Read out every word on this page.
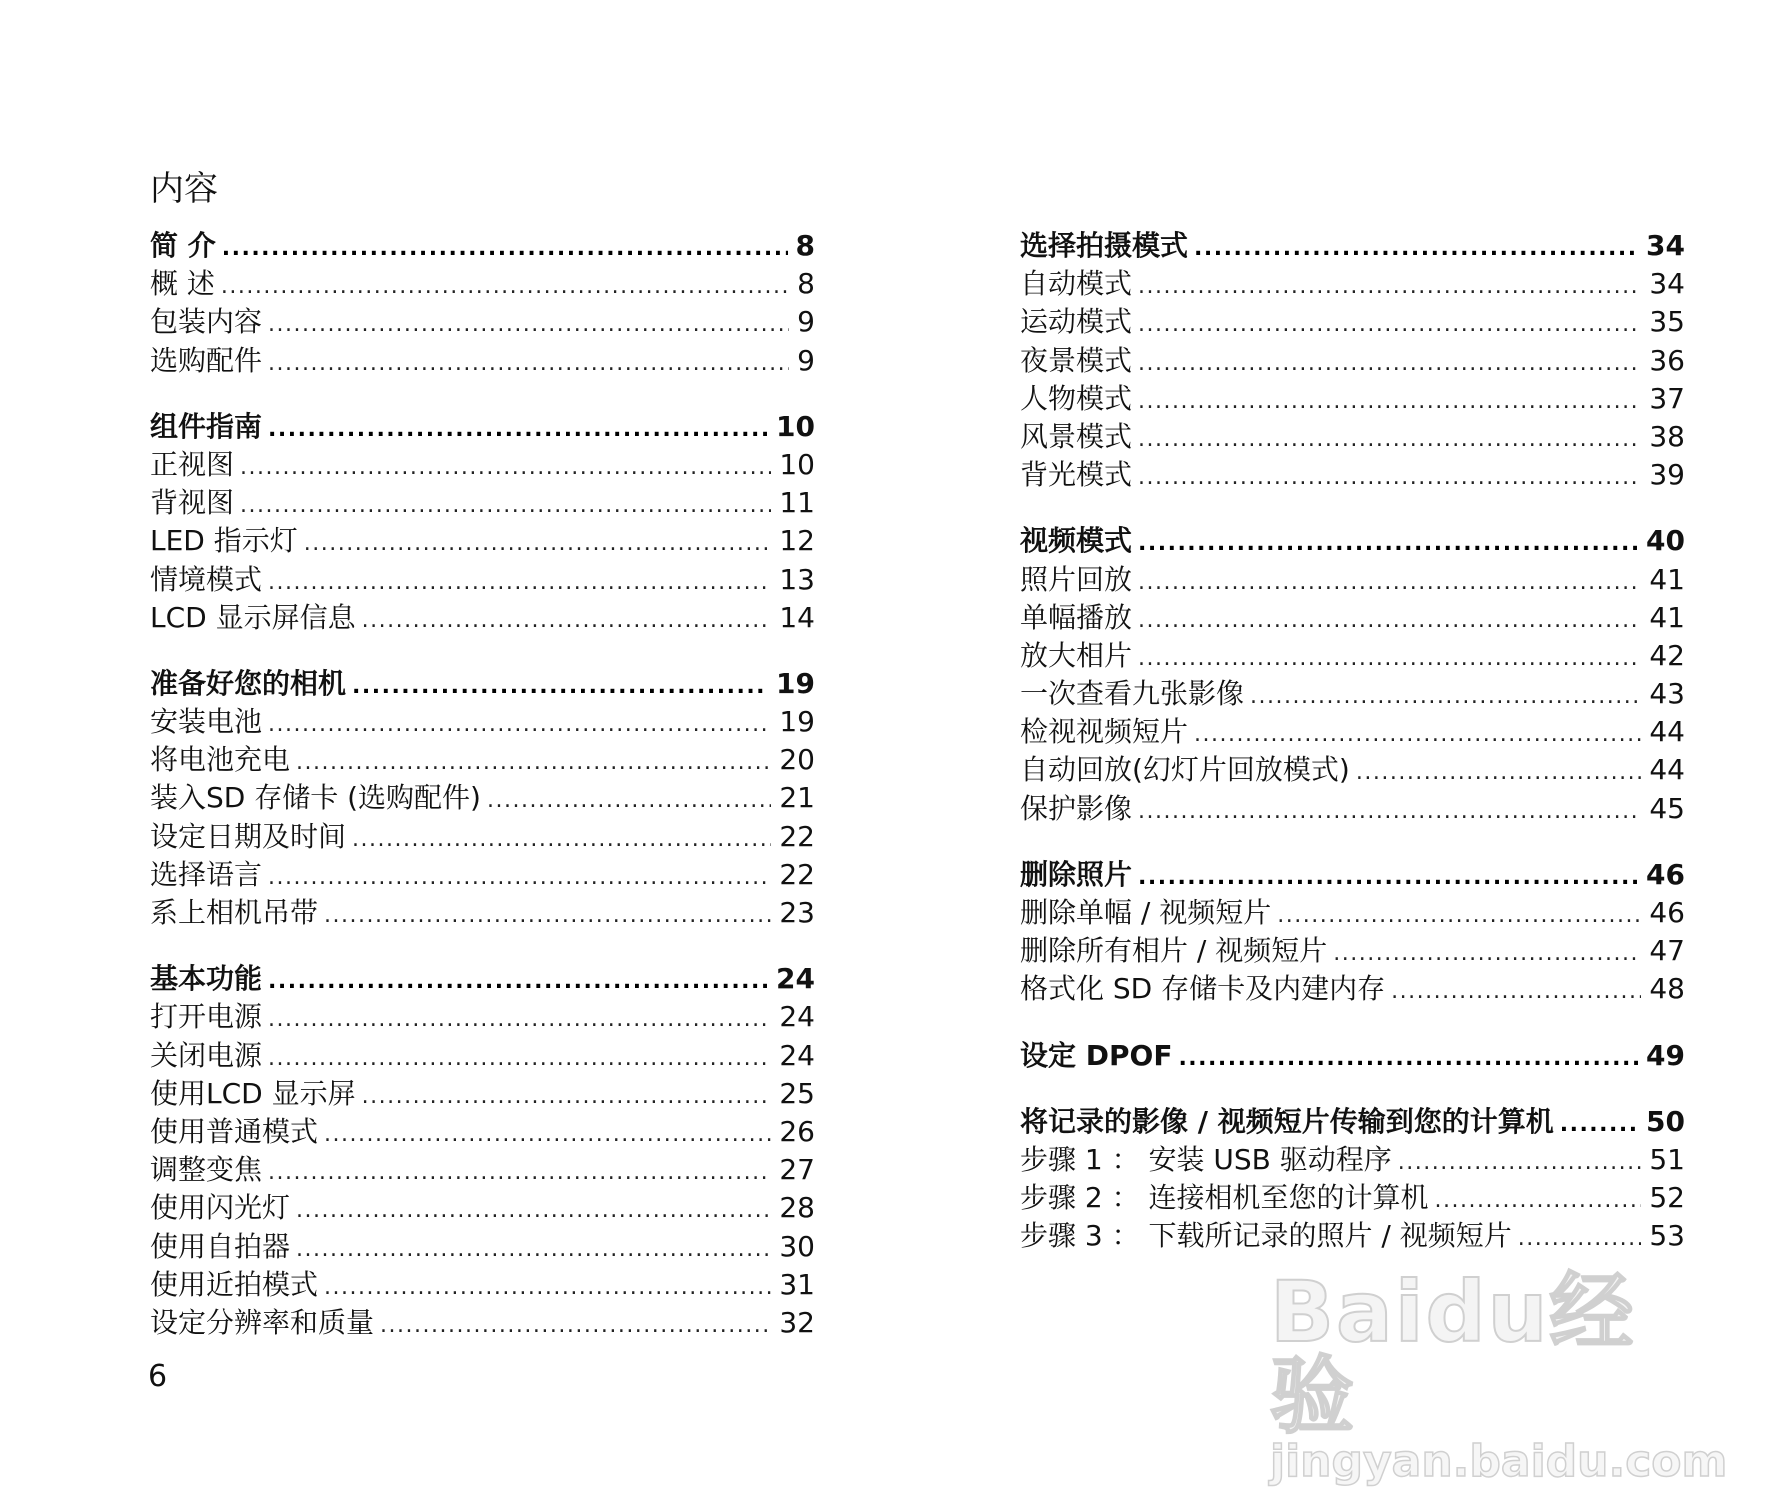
内容
简 介 .....	8
概 述 .....	8
包装内容 .....	9
选购配件 .....	9
组件指南 .....	10
正视图 .....	10
背视图 .....	11
LED 指示灯 .....	12
情境模式 .....	13
LCD 显示屏信息 .....	14
准备好您的相机 .....	19
安装电池 .....	19
将电池充电 .....	20
装入SD 存储卡 (选购配件) .....	21
设定日期及时间 .....	22
选择语言 .....	22
系上相机吊带 .....	23
基本功能 .....	24
打开电源 .....	24
关闭电源 .....	24
使用LCD 显示屏 .....	25
使用普通模式 .....	26
调整变焦 .....	27
使用闪光灯 .....	28
使用自拍器 .....	30
使用近拍模式 .....	31
设定分辨率和质量 .....	32
选择拍摄模式 .....	34
自动模式 .....	34
运动模式 .....	35
夜景模式 .....	36
人物模式 .....	37
风景模式 .....	38
背光模式 .....	39
视频模式 .....	40
照片回放 .....	41
单幅播放 .....	41
放大相片 .....	42
一次查看九张影像 .....	43
检视视频短片 .....	44
自动回放(幻灯片回放模式) .....	44
保护影像 .....	45
删除照片 .....	46
删除单幅 / 视频短片 .....	46
删除所有相片 / 视频短片 .....	47
格式化 SD 存储卡及内建内存 .....	48
设定 DPOF .....	49
将记录的影像 / 视频短片传输到您的计算机 .....	50
步骤 1 ： 安装 USB 驱动程序 .....	51
步骤 2 ： 连接相机至您的计算机 .....	52
步骤 3 ： 下载所记录的照片 / 视频短片 .....	53
6
Baidu经验
jingyan.baidu.com
